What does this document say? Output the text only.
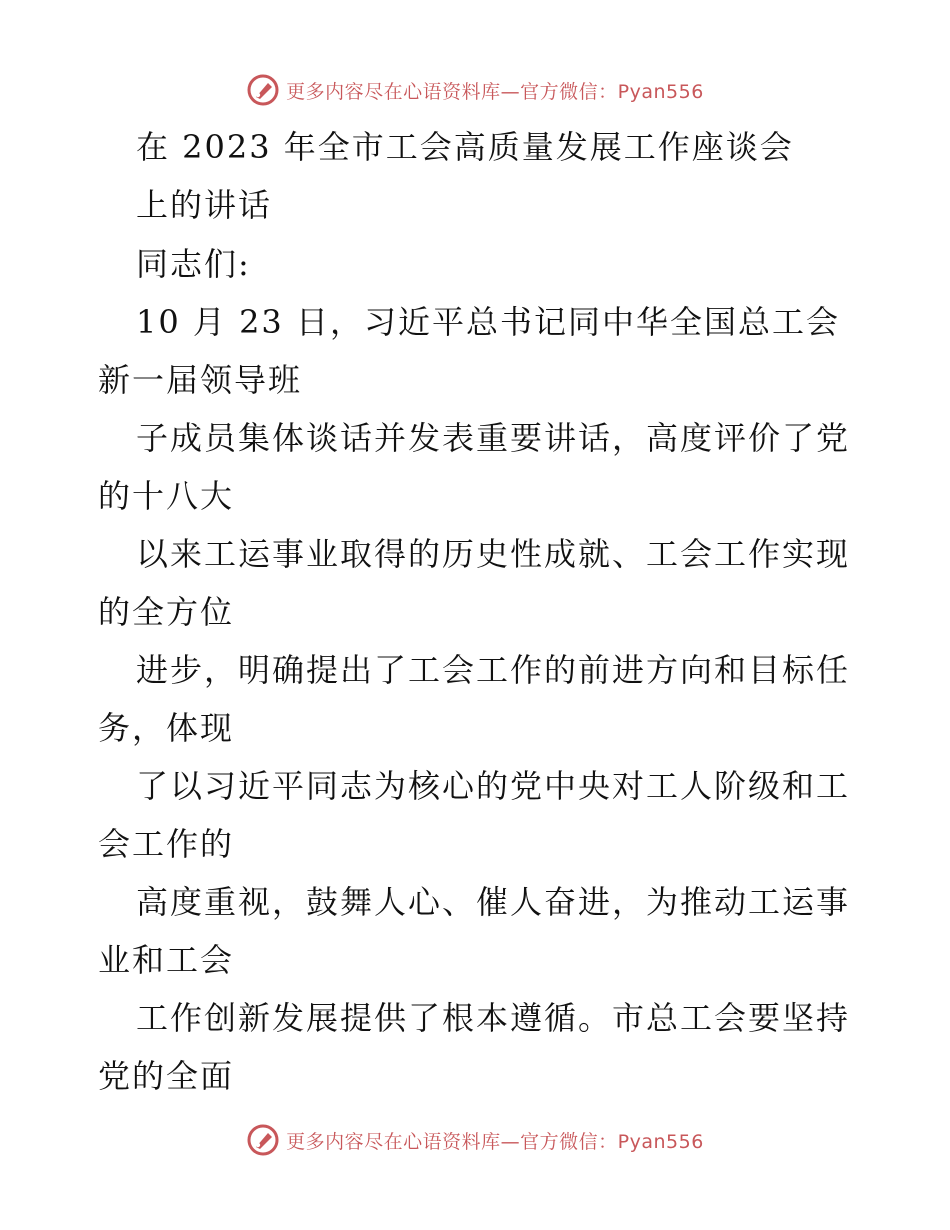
更多内容尽在心语资料库—官方微信：Pyan556
在 2023 年全市工会高质量发展工作座谈会
上的讲话
同志们:
10 月 23 日，习近平总书记同中华全国总工会
新一届领导班
子成员集体谈话并发表重要讲话，高度评价了党
的十八大
以来工运事业取得的历史性成就、工会工作实现
的全方位
进步，明确提出了工会工作的前进方向和目标任
务，体现
了以习近平同志为核心的党中央对工人阶级和工
会工作的
高度重视，鼓舞人心、催人奋进，为推动工运事
业和工会
工作创新发展提供了根本遵循。市总工会要坚持
党的全面
更多内容尽在心语资料库—官方微信：Pyan556
